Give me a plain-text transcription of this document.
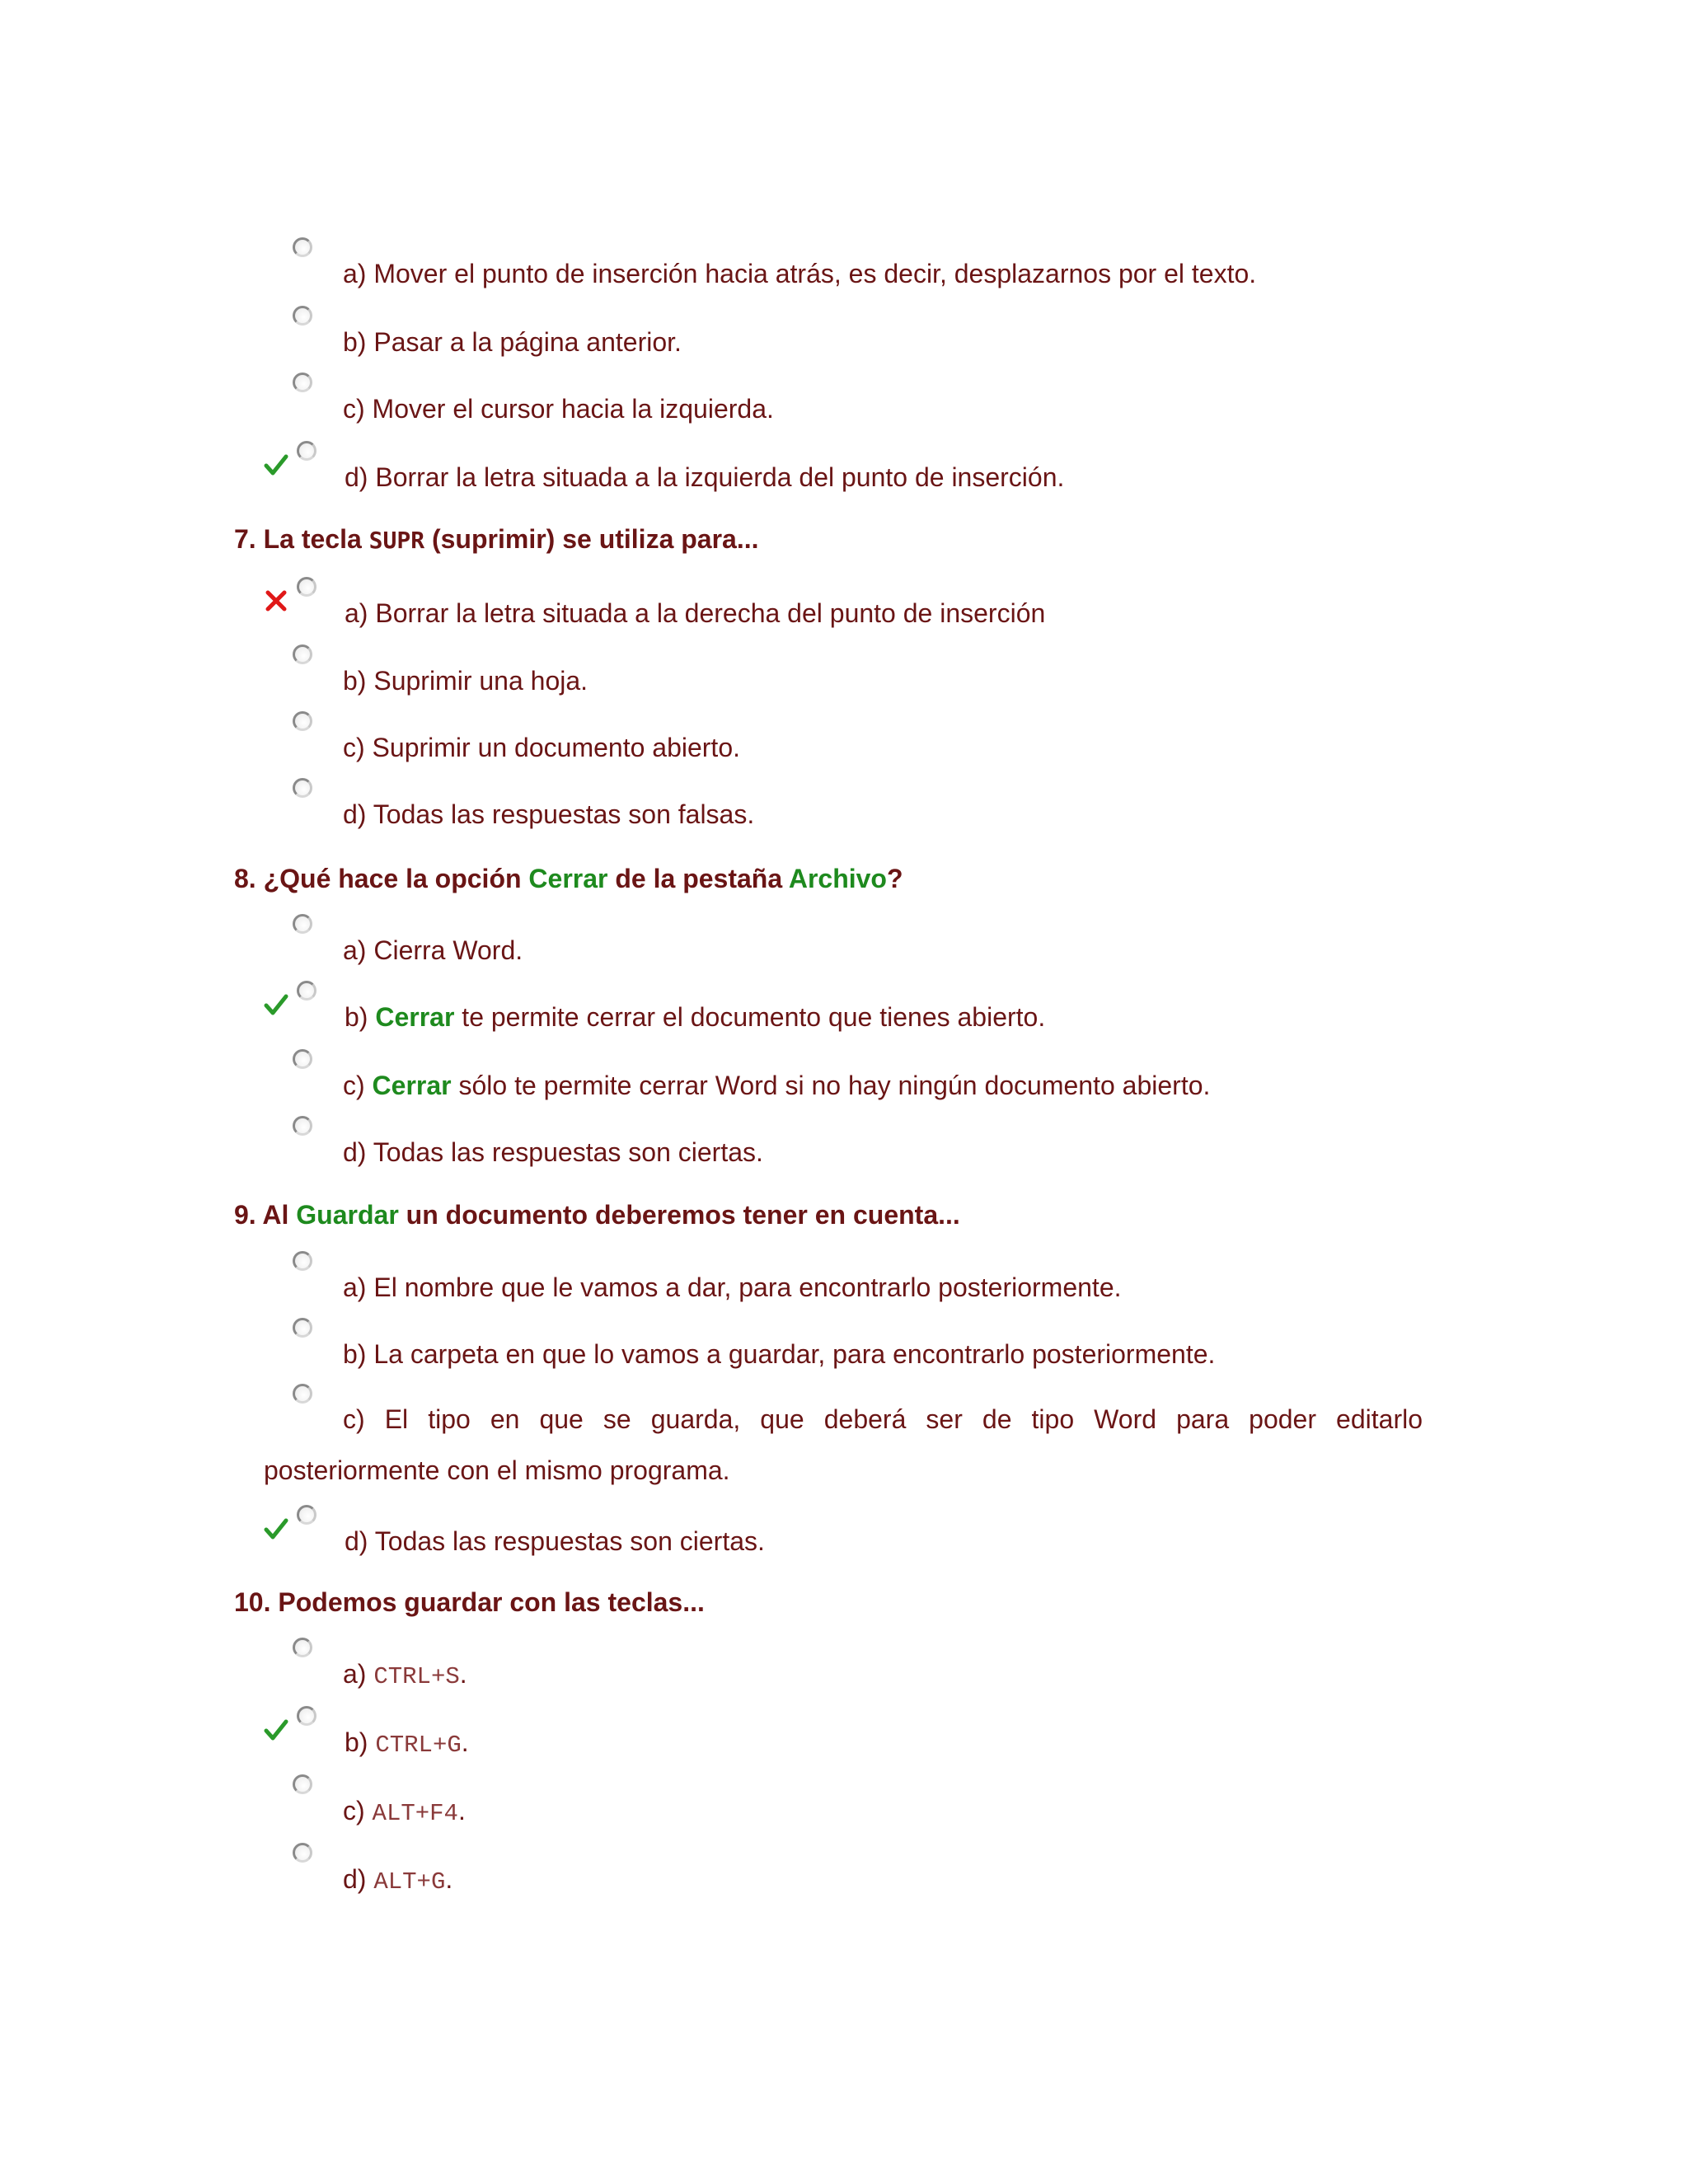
a) Mover el punto de inserción hacia atrás, es decir, desplazarnos por el texto.
b) Pasar a la página anterior.
c) Mover el cursor hacia la izquierda.
d) Borrar la letra situada a la izquierda del punto de inserción.
7. La tecla SUPR (suprimir) se utiliza para...
a) Borrar la letra situada a la derecha del punto de inserción
b) Suprimir una hoja.
c) Suprimir un documento abierto.
d) Todas las respuestas son falsas.
8. ¿Qué hace la opción Cerrar de la pestaña Archivo?
a) Cierra Word.
b) Cerrar te permite cerrar el documento que tienes abierto.
c) Cerrar sólo te permite cerrar Word si no hay ningún documento abierto.
d) Todas las respuestas son ciertas.
9. Al Guardar un documento deberemos tener en cuenta...
a) El nombre que le vamos a dar, para encontrarlo posteriormente.
b) La carpeta en que lo vamos a guardar, para encontrarlo posteriormente.
c) El tipo en que se guarda, que deberá ser de tipo Word para poder editarlo
posteriormente con el mismo programa.
d) Todas las respuestas son ciertas.
10. Podemos guardar con las teclas...
a) CTRL+S.
b) CTRL+G.
c) ALT+F4.
d) ALT+G.
